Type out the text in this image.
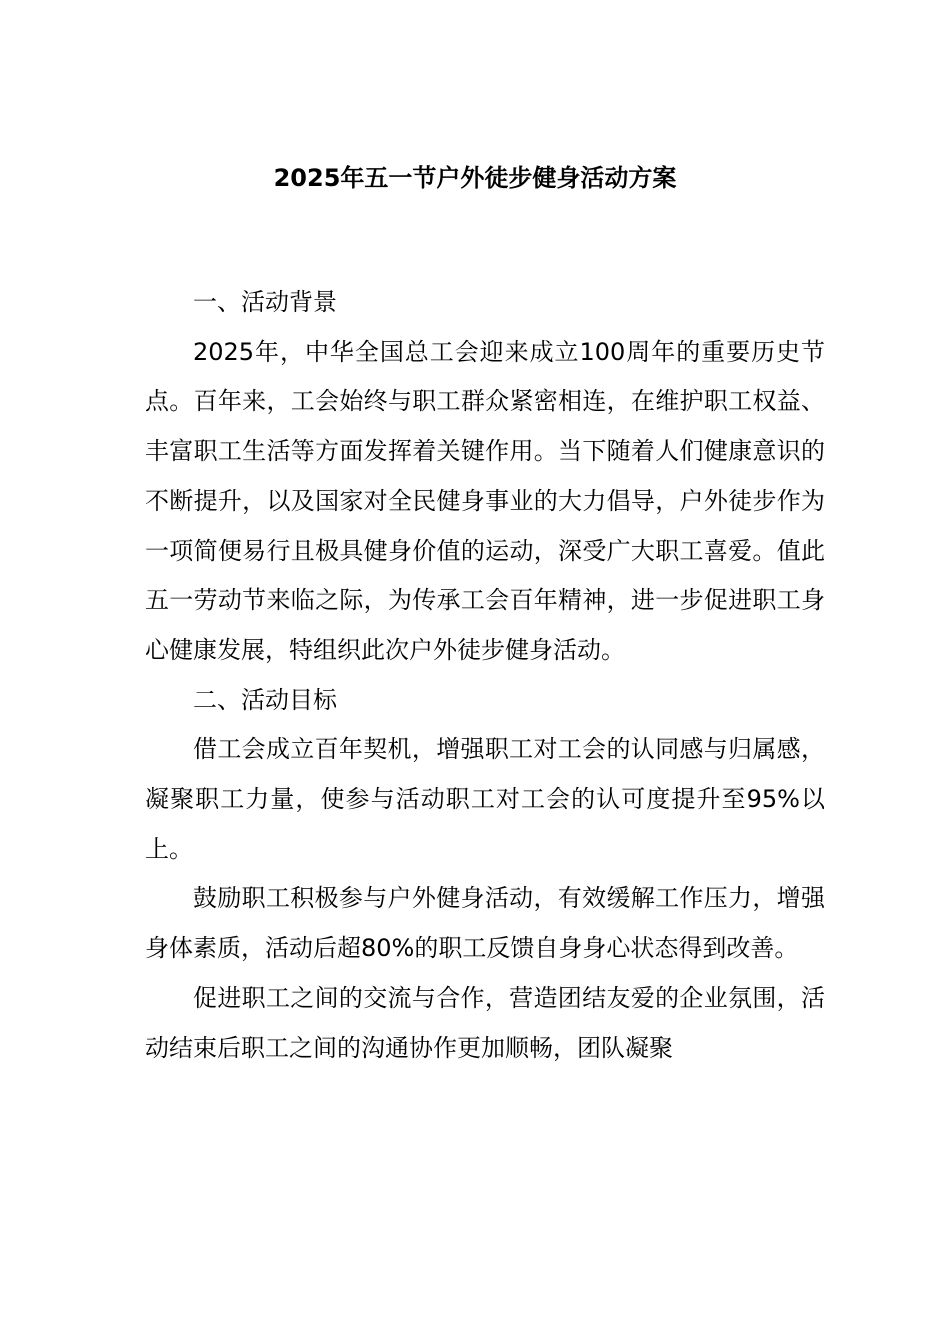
2025年五一节户外徒步健身活动方案

一、活动背景

2025年，中华全国总工会迎来成立100周年的重要历史节点。百年来，工会始终与职工群众紧密相连，在维护职工权益、丰富职工生活等方面发挥着关键作用。当下随着人们健康意识的不断提升，以及国家对全民健身事业的大力倡导，户外徒步作为一项简便易行且极具健身价值的运动，深受广大职工喜爱。值此五一劳动节来临之际，为传承工会百年精神，进一步促进职工身心健康发展，特组织此次户外徒步健身活动。

二、活动目标

借工会成立百年契机，增强职工对工会的认同感与归属感，凝聚职工力量，使参与活动职工对工会的认可度提升至95%以上。

鼓励职工积极参与户外健身活动，有效缓解工作压力，增强身体素质，活动后超80%的职工反馈自身身心状态得到改善。

促进职工之间的交流与合作，营造团结友爱的企业氛围，活动结束后职工之间的沟通协作更加顺畅，团队凝聚
